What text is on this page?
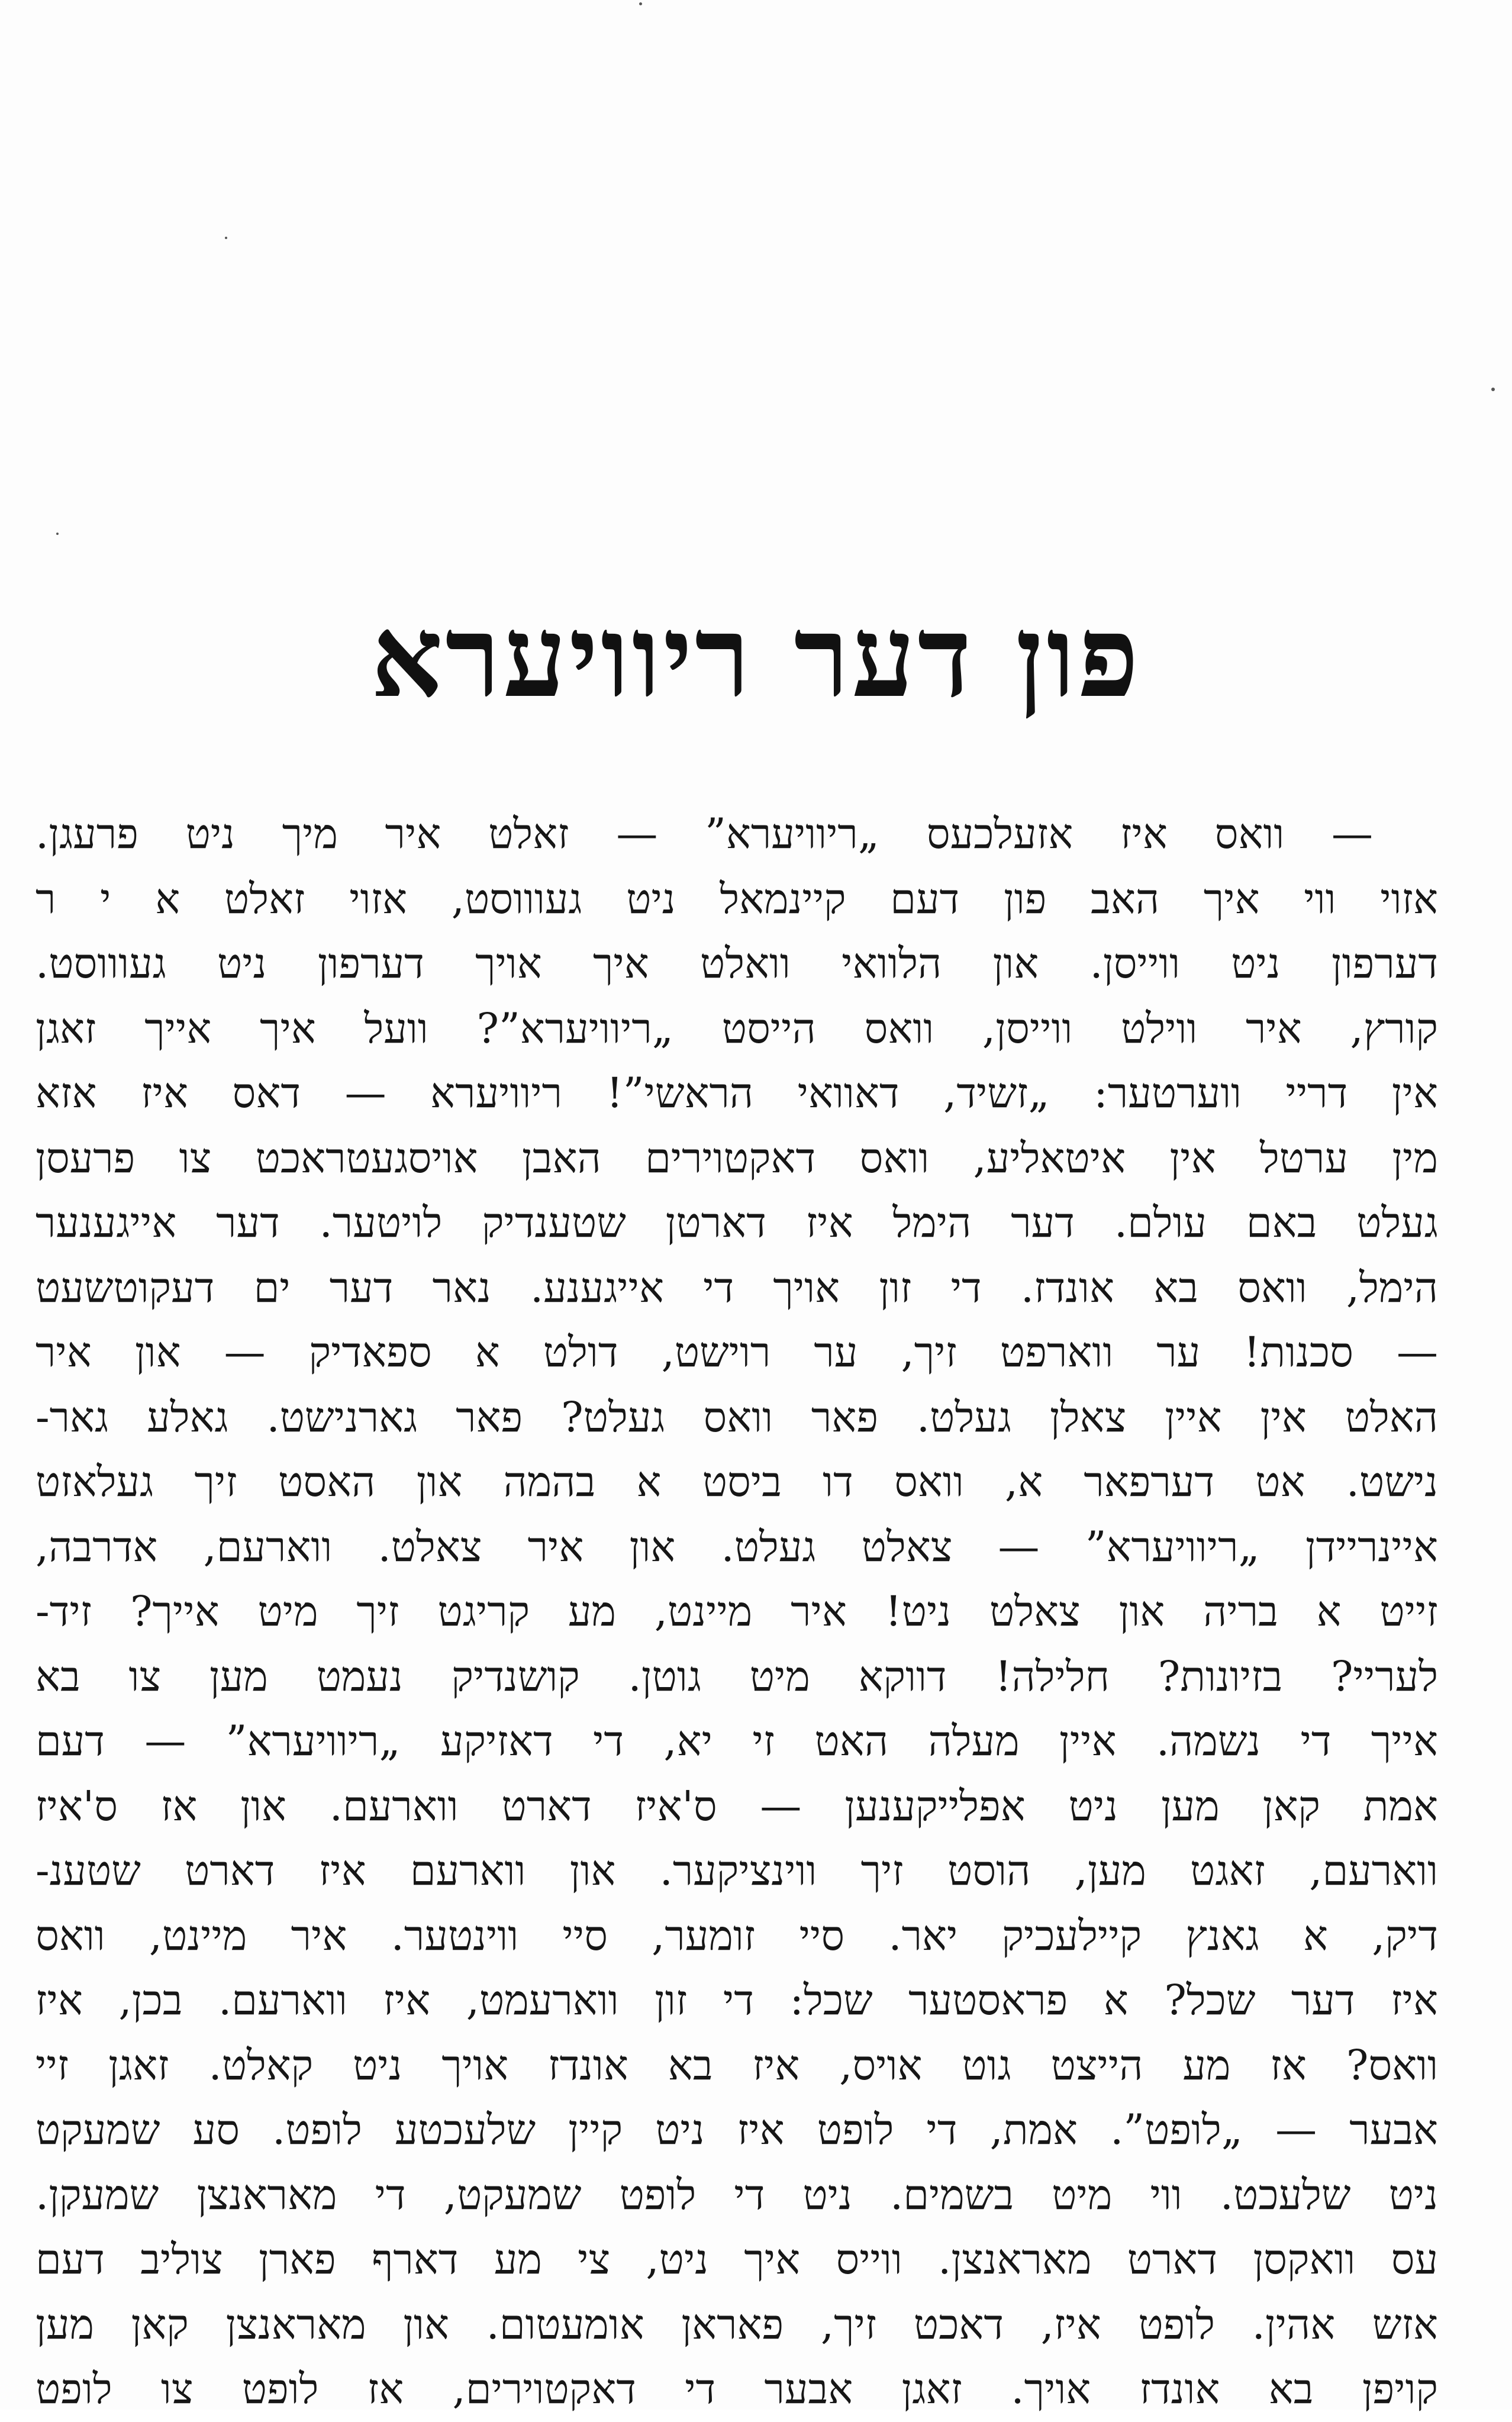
פון דער ריוויערא
— וואס איז אזעלכעס „ריוויערא” — זאלט איר מיך ניט פרעגן.
אזוי ווי איך האב פון דעם קיינמאל ניט געוווסט, אזוי זאלט א י ר
דערפון ניט ווייסן. און הלוואי וואלט איך אויך דערפון ניט געוווסט.
קורץ, איר ווילט ווייסן, וואס הייסט „ריוויערא”? וועל איך אייך זאגן
אין דריי ווערטער: „זשיד, דאוואי הראשי”! ריוויערא — דאס איז אזא
מין ערטל אין איטאליע, וואס דאקטוירים האבן אויסגעטראכט צו פרעסן
געלט באם עולם. דער הימל איז דארטן שטענדיק לויטער. דער אייגענער
הימל, וואס בא אונדז. די זון אויך די אייגענע. נאר דער ים דעקוטשעט
— סכנות! ער ווארפט זיך, ער רוישט, דולט א ספאדיק — און איר
האלט אין איין צאלן געלט. פאר וואס געלט? פאר גארנישט. גאלע גאר-
נישט. אט דערפאר א, וואס דו ביסט א בהמה און האסט זיך געלאזט
איינריידן „ריוויערא” — צאלט געלט. און איר צאלט. ווארעם, אדרבה,
זייט א בריה און צאלט ניט! איר מיינט, מע קריגט זיך מיט אייך? זיד-
לעריי? בזיונות? חלילה! דווקא מיט גוטן. קושנדיק נעמט מען צו בא
אייך די נשמה. איין מעלה האט זי יא, די דאזיקע „ריוויערא” — דעם
אמת קאן מען ניט אפלייקענען — ס'איז דארט ווארעם. און אז ס'איז
ווארעם, זאגט מען, הוסט זיך ווינציקער. און ווארעם איז דארט שטענ-
דיק, א גאנץ קיילעכיק יאר. סיי זומער, סיי ווינטער. איר מיינט, וואס
איז דער שכל? א פראסטער שכל: די זון ווארעמט, איז ווארעם. בכן, איז
וואס? אז מע הייצט גוט אויס, איז בא אונדז אויך ניט קאלט. זאגן זיי
אבער — „לופט”. אמת, די לופט איז ניט קיין שלעכטע לופט. סע שמעקט
ניט שלעכט. ווי מיט בשמים. ניט די לופט שמעקט, די מאראנצן שמעקן.
עס וואקסן דארט מאראנצן. ווייס איך ניט, צי מע דארף פארן צוליב דעם
אזש אהין. לופט איז, דאכט זיך, פאראן אומעטום. און מאראנצן קאן מען
קויפן בא אונדז אויך. זאגן אבער די דאקטוירים, אז לופט צו לופט
